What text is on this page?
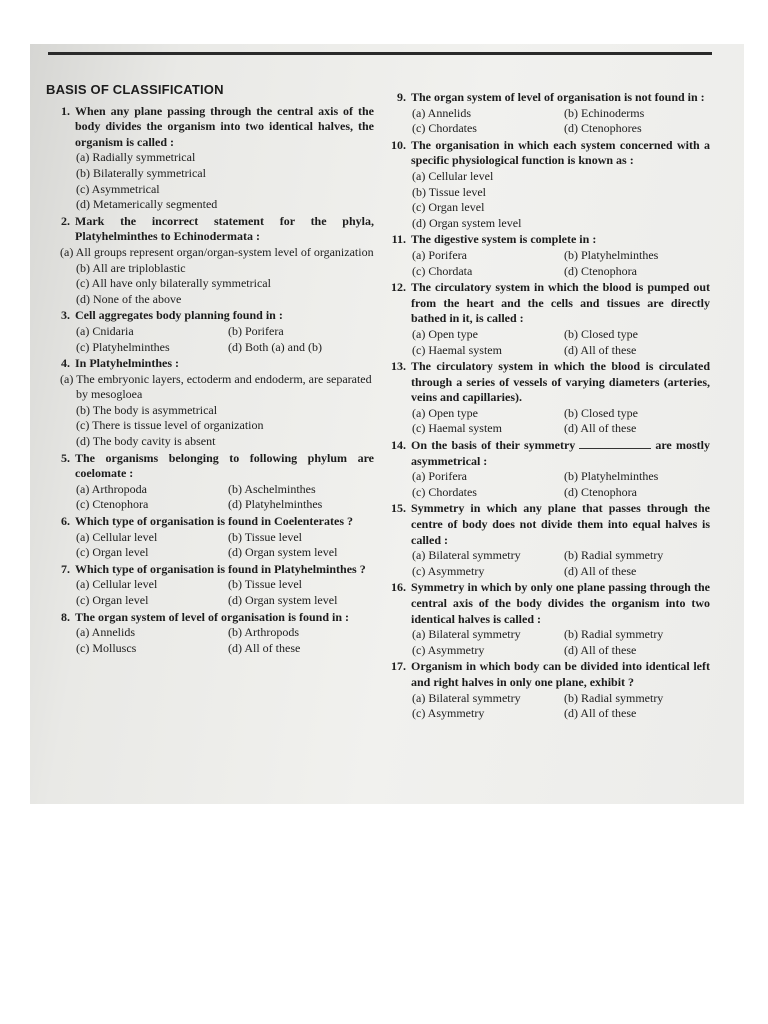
BASIS OF CLASSIFICATION
1. When any plane passing through the central axis of the body divides the organism into two identical halves, the organism is called :
(a) Radially symmetrical
(b) Bilaterally symmetrical
(c) Asymmetrical
(d) Metamerically segmented
2. Mark the incorrect statement for the phyla, Platyhelminthes to Echinodermata :
(a) All groups represent organ/organ-system level of organization
(b) All are triploblastic
(c) All have only bilaterally symmetrical
(d) None of the above
3. Cell aggregates body planning found in :
(a) Cnidaria	(b) Porifera
(c) Platyhelminthes	(d) Both (a) and (b)
4. In Platyhelminthes :
(a) The embryonic layers, ectoderm and endoderm, are separated by mesogloea
(b) The body is asymmetrical
(c) There is tissue level of organization
(d) The body cavity is absent
5. The organisms belonging to following phylum are coelomate :
(a) Arthropoda	(b) Aschelminthes
(c) Ctenophora	(d) Platyhelminthes
6. Which type of organisation is found in Coelenterates ?
(a) Cellular level	(b) Tissue level
(c) Organ level	(d) Organ system level
7. Which type of organisation is found in Platyhelminthes ?
(a) Cellular level	(b) Tissue level
(c) Organ level	(d) Organ system level
8. The organ system of level of organisation is found in :
(a) Annelids	(b) Arthropods
(c) Molluscs	(d) All of these
9. The organ system of level of organisation is not found in :
(a) Annelids	(b) Echinoderms
(c) Chordates	(d) Ctenophores
10. The organisation in which each system concerned with a specific physiological function is known as :
(a) Cellular level
(b) Tissue level
(c) Organ level
(d) Organ system level
11. The digestive system is complete in :
(a) Porifera	(b) Platyhelminthes
(c) Chordata	(d) Ctenophora
12. The circulatory system in which the blood is pumped out from the heart and the cells and tissues are directly bathed in it, is called :
(a) Open type	(b) Closed type
(c) Haemal system	(d) All of these
13. The circulatory system in which the blood is circulated through a series of vessels of varying diameters (arteries, veins and capillaries).
(a) Open type	(b) Closed type
(c) Haemal system	(d) All of these
14. On the basis of their symmetry	are mostly asymmetrical :
(a) Porifera	(b) Platyhelminthes
(c) Chordates	(d) Ctenophora
15. Symmetry in which any plane that passes through the centre of body does not divide them into equal halves is called :
(a) Bilateral symmetry	(b) Radial symmetry
(c) Asymmetry	(d) All of these
16. Symmetry in which by only one plane passing through the central axis of the body divides the organism into two identical halves is called :
(a) Bilateral symmetry	(b) Radial symmetry
(c) Asymmetry	(d) All of these
17. Organism in which body can be divided into identical left and right halves in only one plane, exhibit ?
(a) Bilateral symmetry	(b) Radial symmetry
(c) Asymmetry	(d) All of these
